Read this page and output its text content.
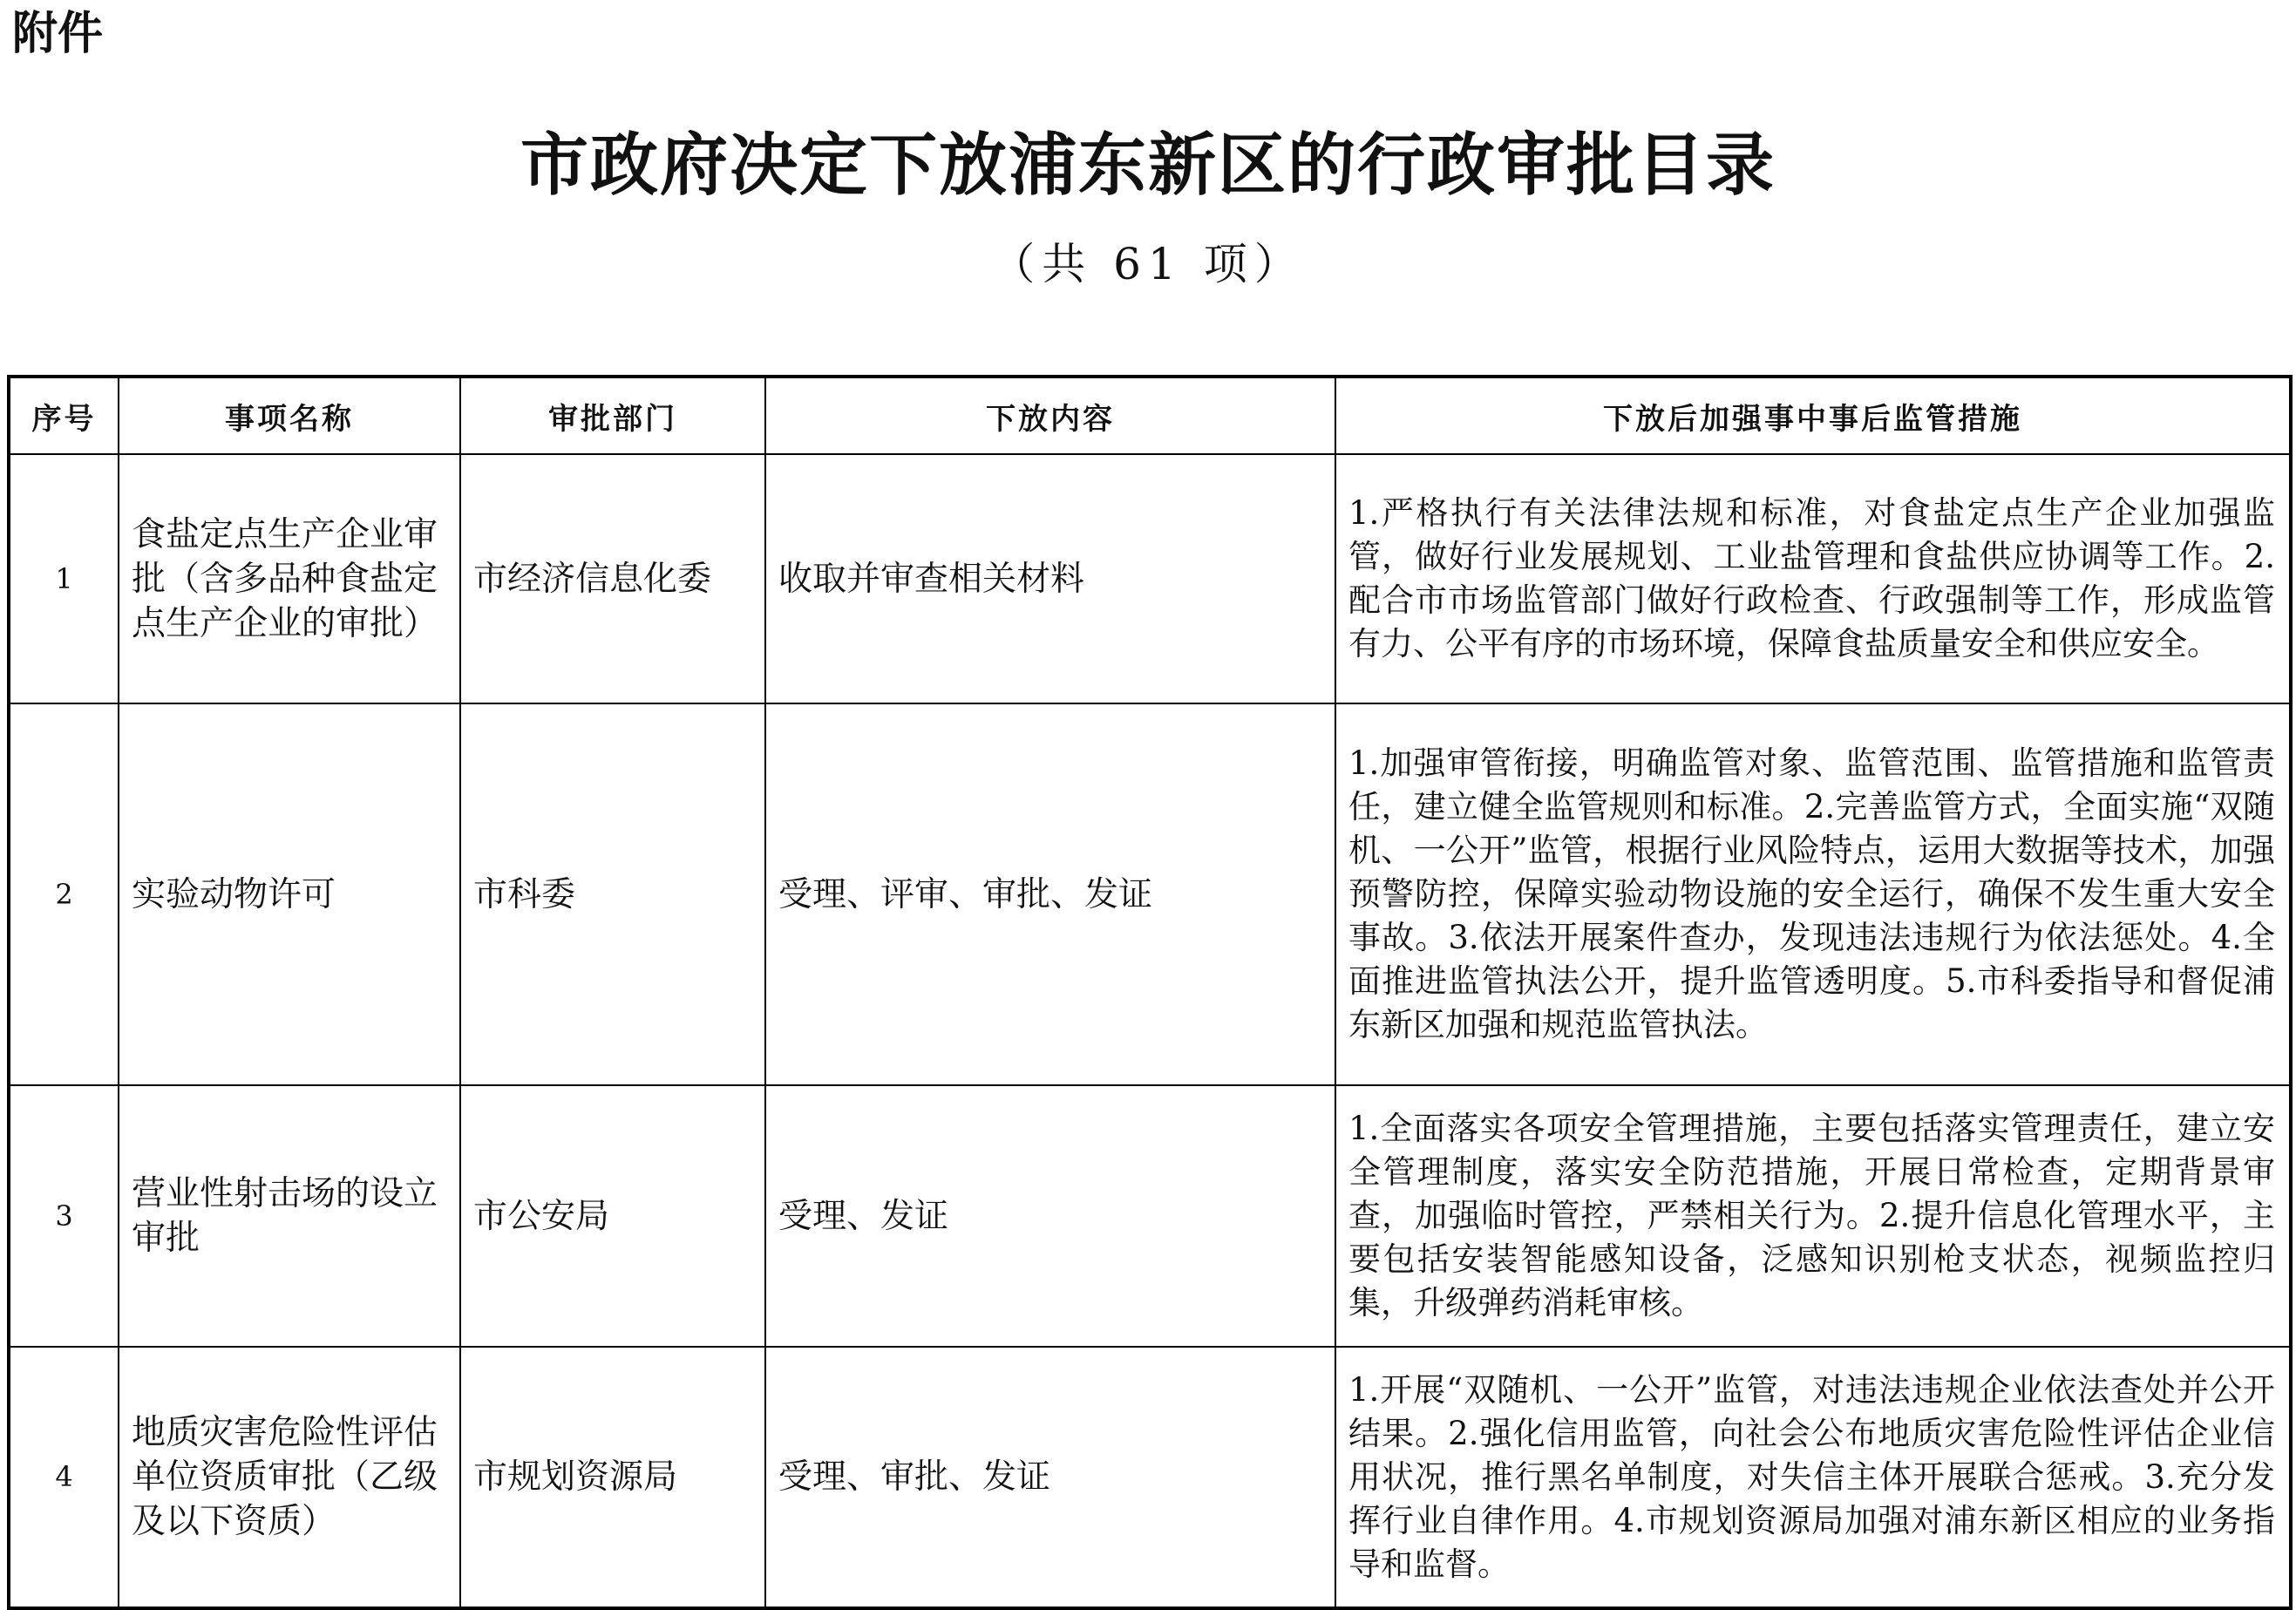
附件
市政府决定下放浦东新区的行政审批目录
（共 61 项）
序号	事项名称	审批部门	下放内容	下放后加强事中事后监管措施
1	食盐定点生产企业审批（含多品种食盐定点生产企业的审批）	市经济信息化委	收取并审查相关材料	1.严格执行有关法律法规和标准，对食盐定点生产企业加强监管，做好行业发展规划、工业盐管理和食盐供应协调等工作。2.配合市市场监管部门做好行政检查、行政强制等工作，形成监管有力、公平有序的市场环境，保障食盐质量安全和供应安全。
2	实验动物许可	市科委	受理、评审、审批、发证	1.加强审管衔接，明确监管对象、监管范围、监管措施和监管责任，建立健全监管规则和标准。2.完善监管方式，全面实施“双随机、一公开”监管，根据行业风险特点，运用大数据等技术，加强预警防控，保障实验动物设施的安全运行，确保不发生重大安全事故。3.依法开展案件查办，发现违法违规行为依法惩处。4.全面推进监管执法公开，提升监管透明度。5.市科委指导和督促浦东新区加强和规范监管执法。
3	营业性射击场的设立审批	市公安局	受理、发证	1.全面落实各项安全管理措施，主要包括落实管理责任，建立安全管理制度，落实安全防范措施，开展日常检查，定期背景审查，加强临时管控，严禁相关行为。2.提升信息化管理水平，主要包括安装智能感知设备，泛感知识别枪支状态，视频监控归集，升级弹药消耗审核。
4	地质灾害危险性评估单位资质审批（乙级及以下资质）	市规划资源局	受理、审批、发证	1.开展“双随机、一公开”监管，对违法违规企业依法查处并公开结果。2.强化信用监管，向社会公布地质灾害危险性评估企业信用状况，推行黑名单制度，对失信主体开展联合惩戒。3.充分发挥行业自律作用。4.市规划资源局加强对浦东新区相应的业务指导和监督。
